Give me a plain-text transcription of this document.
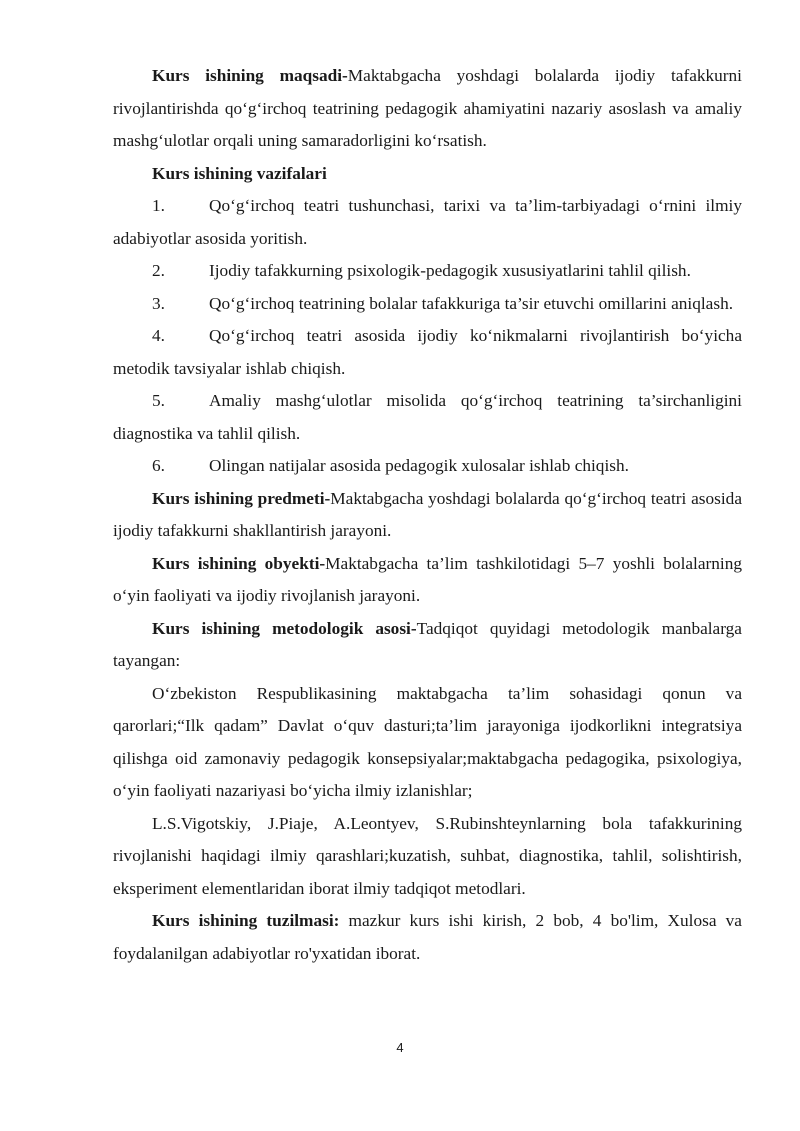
Kurs ishining maqsadi-Maktabgacha yoshdagi bolalarda ijodiy tafakkurni rivojlantirishda qo‘g‘irchoq teatrining pedagogik ahamiyatini nazariy asoslash va amaliy mashg‘ulotlar orqali uning samaradorligini ko‘rsatish.

Kurs ishining vazifalari

1.	Qo‘g‘irchoq teatri tushunchasi, tarixi va ta’lim-tarbiyadagi o‘rnini ilmiy adabiyotlar asosida yoritish.

2.	Ijodiy tafakkurning psixologik-pedagogik xususiyatlarini tahlil qilish.

3.	Qo‘g‘irchoq teatrining bolalar tafakkuriga ta’sir etuvchi omillarini aniqlash.

4.	Qo‘g‘irchoq teatri asosida ijodiy ko‘nikmalarni rivojlantirish bo‘yicha metodik tavsiyalar ishlab chiqish.

5.	Amaliy mashg‘ulotlar misolida qo‘g‘irchoq teatrining ta’sirchanligini diagnostika va tahlil qilish.

6.	Olingan natijalar asosida pedagogik xulosalar ishlab chiqish.

Kurs ishining predmeti-Maktabgacha yoshdagi bolalarda qo‘g‘irchoq teatri asosida ijodiy tafakkurni shakllantirish jarayoni.

Kurs ishining obyekti-Maktabgacha ta’lim tashkilotidagi 5–7 yoshli bolalarning o‘yin faoliyati va ijodiy rivojlanish jarayoni.

Kurs ishining metodologik asosi-Tadqiqot quyidagi metodologik manbalarga tayangan:

O‘zbekiston Respublikasining maktabgacha ta’lim sohasidagi qonun va qarorlari;“Ilk qadam” Davlat o‘quv dasturi;ta’lim jarayoniga ijodkorlikni integratsiya qilishga oid zamonaviy pedagogik konsepsiyalar;maktabgacha pedagogika, psixologiya, o‘yin faoliyati nazariyasi bo‘yicha ilmiy izlanishlar;

L.S.Vigotskiy, J.Piaje, A.Leontyev, S.Rubinshteynlarning bola tafakkurining rivojlanishi haqidagi ilmiy qarashlari;kuzatish, suhbat, diagnostika, tahlil, solishtirish, eksperiment elementlaridan iborat ilmiy tadqiqot metodlari.

Kurs ishining tuzilmasi: mazkur kurs ishi kirish, 2 bob, 4 bo'lim, Xulosa va foydalanilgan adabiyotlar ro'yxatidan iborat.

4
